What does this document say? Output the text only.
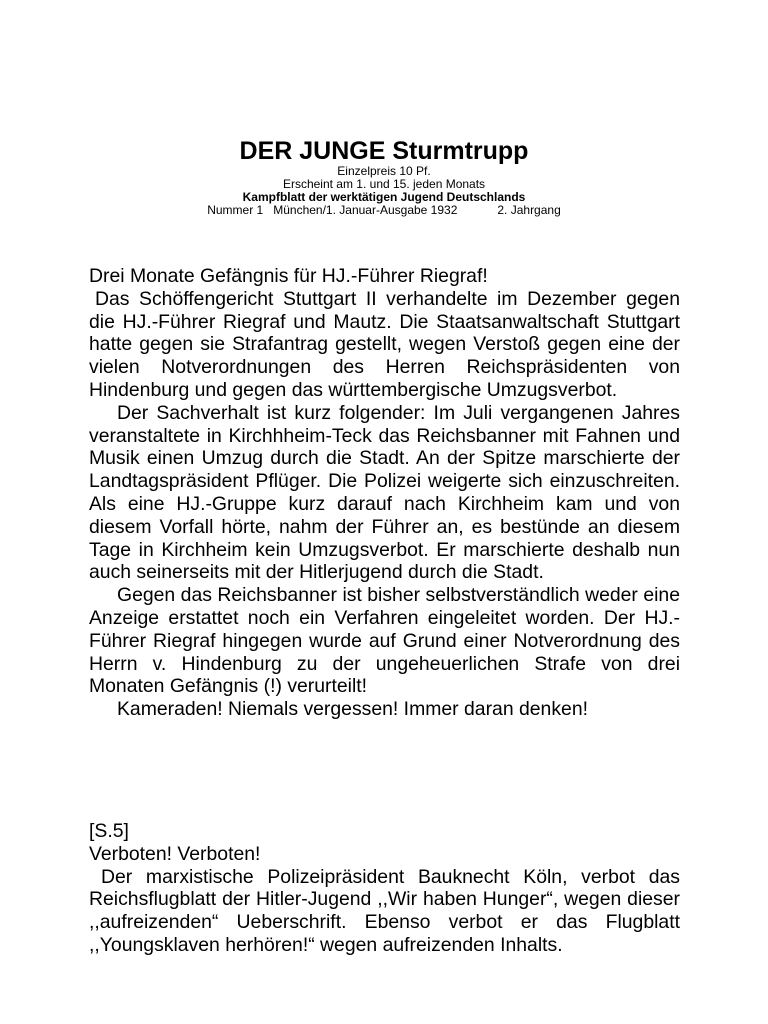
DER JUNGE Sturmtrupp

Einzelpreis 10 Pf.

Erscheint am 1. und 15. jeden Monats

Kampfblatt der werktätigen Jugend Deutschlands

Nummer 1 München/1. Januar-Ausgabe 1932	2. Jahrgang

Drei Monate Gefängnis für HJ.-Führer Riegraf!

Das Schöffengericht Stuttgart II verhandelte im Dezember gegen die HJ.-Führer Riegraf und Mautz. Die Staatsanwaltschaft Stuttgart hatte gegen sie Strafantrag gestellt, wegen Verstoß gegen eine der vielen Notverordnungen des Herren Reichspräsidenten von Hindenburg und gegen das württembergische Umzugsverbot.

Der Sachverhalt ist kurz folgender: Im Juli vergangenen Jahres veranstaltete in Kirchhheim-Teck das Reichsbanner mit Fahnen und Musik einen Umzug durch die Stadt. An der Spitze marschierte der Landtagspräsident Pflüger. Die Polizei weigerte sich einzuschreiten. Als eine HJ.-Gruppe kurz darauf nach Kirchheim kam und von diesem Vorfall hörte, nahm der Führer an, es bestünde an diesem Tage in Kirchheim kein Umzugsverbot. Er marschierte deshalb nun auch seinerseits mit der Hitlerjugend durch die Stadt.

Gegen das Reichsbanner ist bisher selbstverständlich weder eine Anzeige erstattet noch ein Verfahren eingeleitet worden. Der HJ.-Führer Riegraf hingegen wurde auf Grund einer Notverordnung des Herrn v. Hindenburg zu der ungeheuerlichen Strafe von drei Monaten Gefängnis (!) verurteilt!

Kameraden! Niemals vergessen! Immer daran denken!

[S.5]

Verboten! Verboten!

Der marxistische Polizeipräsident Bauknecht Köln, verbot das Reichsflugblatt der Hitler-Jugend ,,Wir haben Hunger“, wegen dieser ,,aufreizenden“ Ueberschrift. Ebenso verbot er das Flugblatt ,,Youngsklaven herhören!“ wegen aufreizenden Inhalts.
